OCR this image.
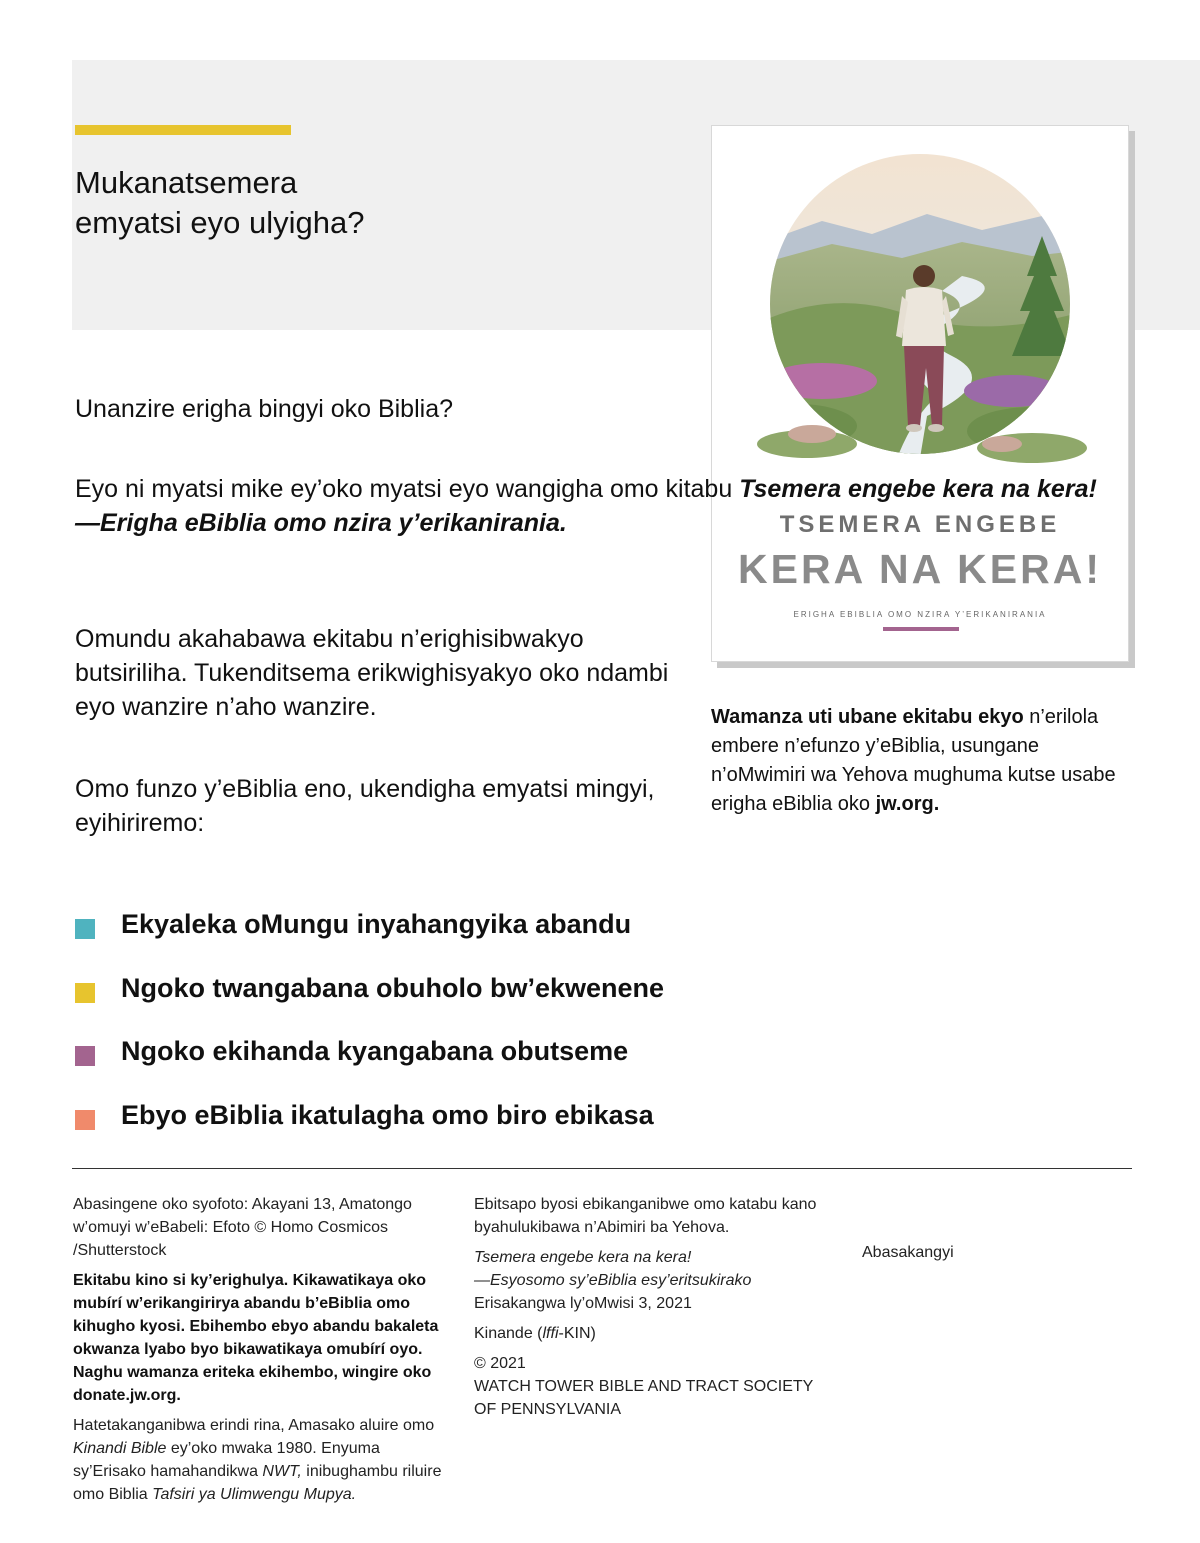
Mukanatsemera
emyatsi eyo ulyigha?
TSEMERA ENGEBE
KERA NA KERA!
ERIGHA EBIBLIA OMO NZIRA Y’ERIKANIRANIA

Unanzire erigha bingyi oko Biblia?

Eyo ni myatsi mike ey’oko myatsi eyo wangigha omo kitabu Tsemera engebe kera na kera!
—Erigha eBiblia omo nzira y’erikanirania.

Omundu akahabawa ekitabu n’erighisibwakyo butsiriliha. Tukenditsema erikwighisyakyo oko ndambi eyo wanzire n’aho wanzire.

Omo funzo y’eBiblia eno, ukendigha emyatsi mingyi, eyihiriremo:

Wamanza uti ubane ekitabu ekyo n’erilola embere n’efunzo y’eBiblia, usungane n’oMwimiri wa Yehova mughuma kutse usabe erigha eBiblia oko jw.org.

Ekyaleka oMungu inyahangyika abandu
Ngoko twangabana obuholo bw’ekwenene
Ngoko ekihanda kyangabana obutseme
Ebyo eBiblia ikatulagha omo biro ebikasa

Abasingene oko syofoto: Akayani 13, Amatongo w’omuyi w’eBabeli: Efoto © Homo Cosmicos /Shutterstock

Ekitabu kino si ky’erighulya. Kikawatikaya oko mubírí w’erikangirirya abandu b’eBiblia omo kihugho kyosi. Ebihembo ebyo abandu bakaleta okwanza lyabo byo bikawatikaya omubírí oyo. Naghu wamanza eriteka ekihembo, wingire oko donate.jw.org.

Hatetakanganibwa erindi rina, Amasako aluire omo Kinandi Bible ey’oko mwaka 1980. Enyuma sy’Erisako hamahandikwa NWT, inibughambu riluire omo Biblia Tafsiri ya Ulimwengu Mupya.

Ebitsapo byosi ebikanganibwe omo katabu kano byahulukibawa n’Abimiri ba Yehova.

Tsemera engebe kera na kera!
—Esyosomo sy’eBiblia esy’eritsukirako
Erisakangwa ly’oMwisi 3, 2021

Kinande (lffi-KIN)

© 2021
WATCH TOWER BIBLE AND TRACT SOCIETY
OF PENNSYLVANIA

Abasakangyi
